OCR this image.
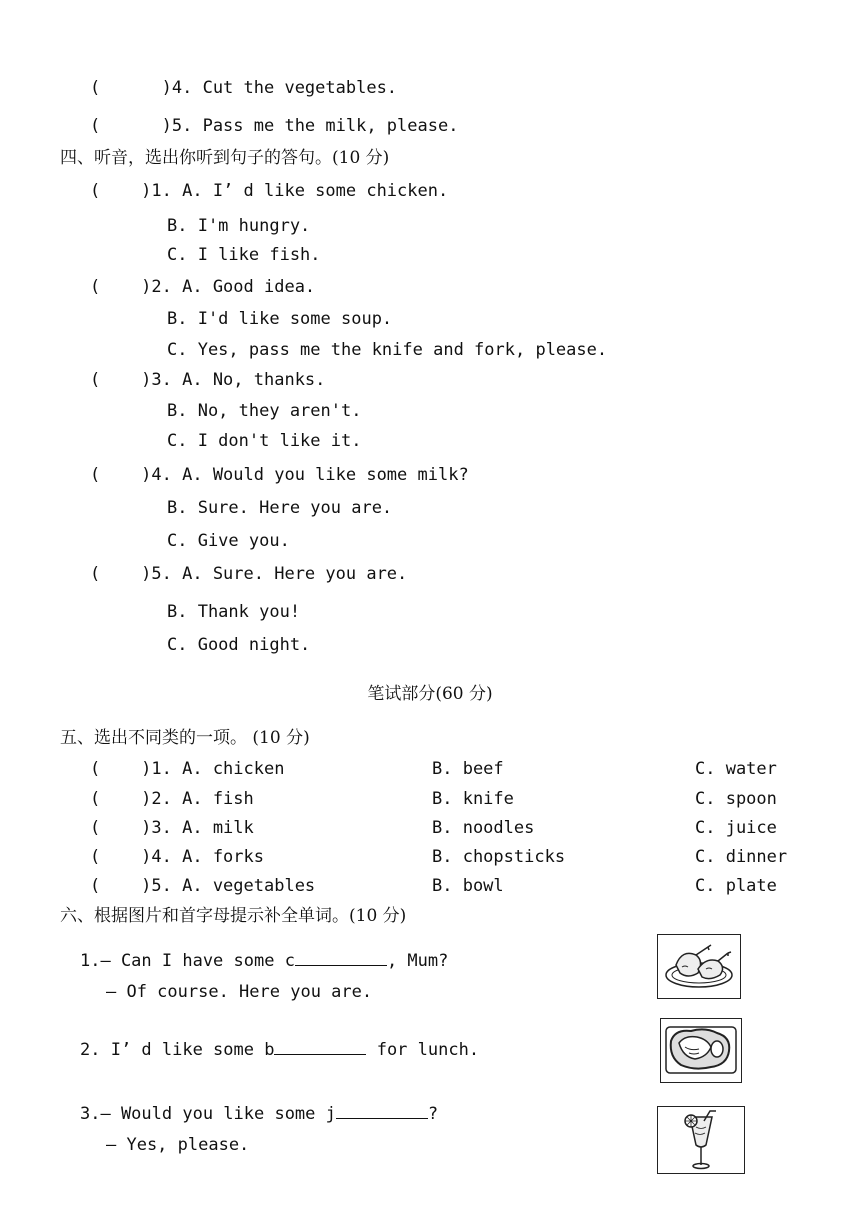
(      )4. Cut the vegetables.
(      )5. Pass me the milk, please.
四、听音，选出你听到句子的答句。(10 分)
(    )1. A. I’ d like some chicken.
B. I'm hungry.
C. I like fish.
(    )2. A. Good idea.
B. I'd like some soup.
C. Yes, pass me the knife and fork, please.
(    )3. A. No, thanks.
B. No, they aren't.
C. I don't like it.
(    )4. A. Would you like some milk?
B. Sure. Here you are.
C. Give you.
(    )5. A. Sure. Here you are.
B. Thank you!
C. Good night.
笔试部分(60 分)
五、选出不同类的一项。 (10 分)
(    )1. A. chicken	B. beef	C. water
(    )2. A. fish	B. knife	C. spoon
(    )3. A. milk	B. noodles	C. juice
(    )4. A. forks	B. chopsticks	C. dinner
(    )5. A. vegetables	B. bowl	C. plate
六、根据图片和首字母提示补全单词。(10 分)
1.— Can I have some c	, Mum?
— Of course. Here you are.
2. I’ d like some b	for lunch.
3.— Would you like some j	?
— Yes, please.
